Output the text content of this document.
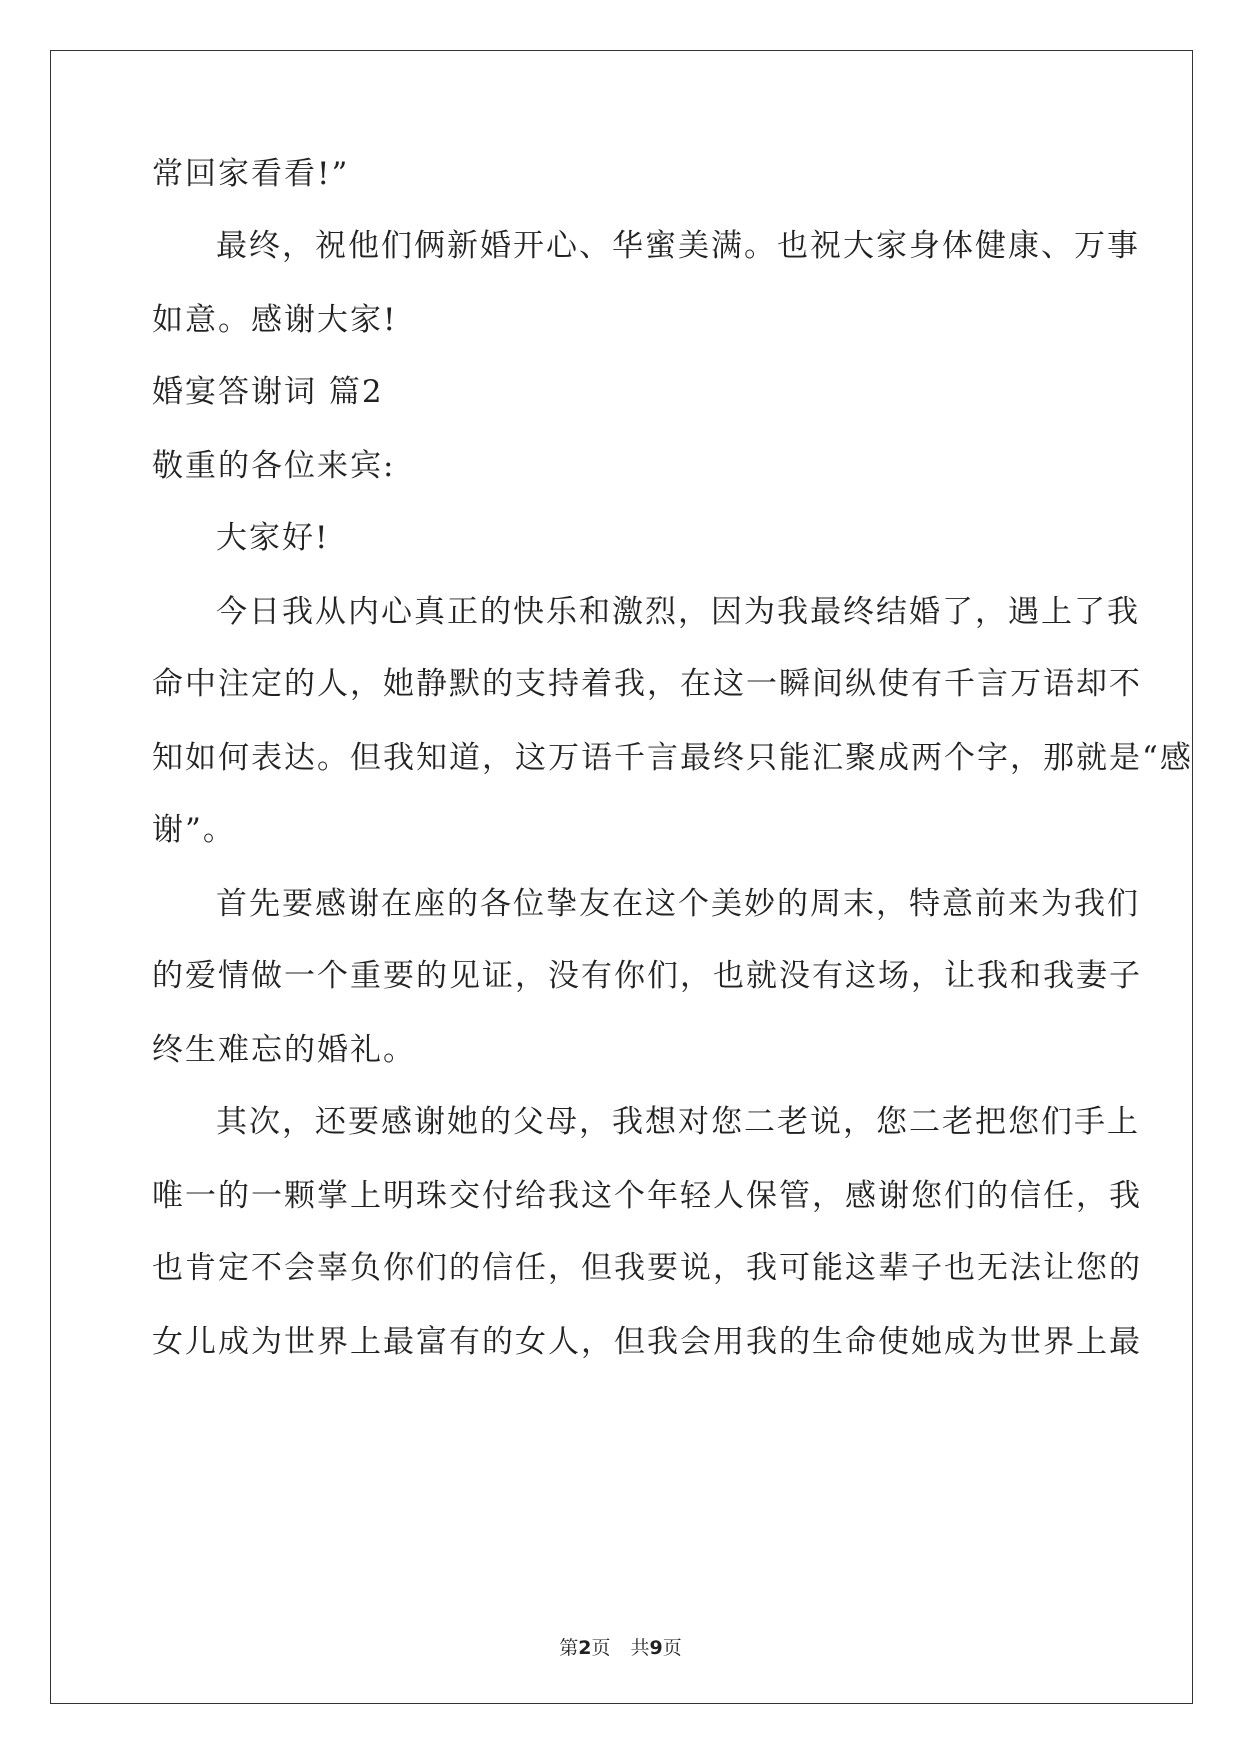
常回家看看!”
最终，祝他们俩新婚开心、华蜜美满。也祝大家身体健康、万事
如意。感谢大家!
婚宴答谢词 篇2
敬重的各位来宾:
大家好!
今日我从内心真正的快乐和激烈，因为我最终结婚了，遇上了我
命中注定的人，她静默的支持着我，在这一瞬间纵使有千言万语却不
知如何表达。但我知道，这万语千言最终只能汇聚成两个字，那就是“感
谢”。
首先要感谢在座的各位挚友在这个美妙的周末，特意前来为我们
的爱情做一个重要的见证，没有你们，也就没有这场，让我和我妻子
终生难忘的婚礼。
其次，还要感谢她的父母，我想对您二老说，您二老把您们手上
唯一的一颗掌上明珠交付给我这个年轻人保管，感谢您们的信任，我
也肯定不会辜负你们的信任，但我要说，我可能这辈子也无法让您的
女儿成为世界上最富有的女人，但我会用我的生命使她成为世界上最
第2页 共9页
